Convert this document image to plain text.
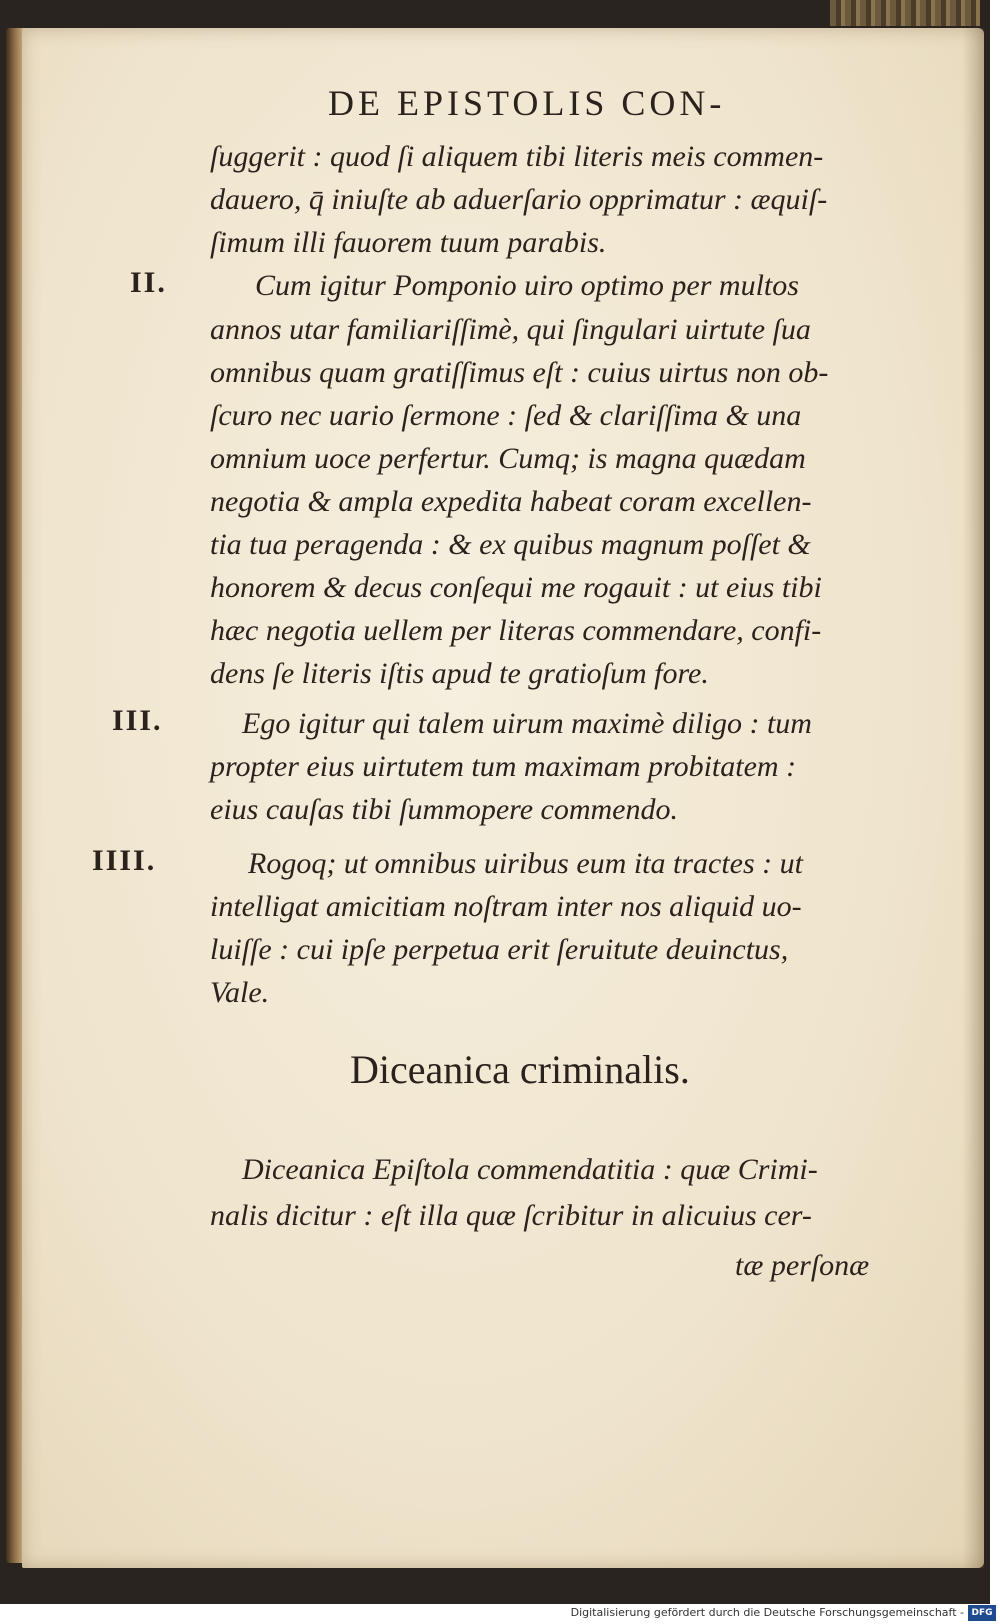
DE EPISTOLIS CON-
ſuggerit : quod ſi aliquem tibi literis meis commen-
dauero, q̄ iniuſte ab aduerſario opprimatur : æquiſ-
ſimum illi fauorem tuum parabis.
II.	Cum igitur Pomponio uiro optimo per multos
annos utar familiariſſimè, qui ſingulari uirtute ſua
omnibus quam gratiſſimus eſt : cuius uirtus non ob-
ſcuro nec uario ſermone : ſed & clariſſima & una
omnium uoce perfertur. Cumq; is magna quædam
negotia & ampla expedita habeat coram excellen-
tia tua peragenda : & ex quibus magnum poſſet &
honorem & decus conſequi me rogauit : ut eius tibi
hæc negotia uellem per literas commendare, confi-
dens ſe literis iſtis apud te gratioſum fore.
III.	Ego igitur qui talem uirum maximè diligo : tum
propter eius uirtutem tum maximam probitatem :
eius cauſas tibi ſummopere commendo.
IIII.	Rogoq; ut omnibus uiribus eum ita tractes : ut
intelligat amicitiam noſtram inter nos aliquid uo-
luiſſe : cui ipſe perpetua erit ſeruitute deuinctus,
Vale.
Diceanica criminalis.
Diceanica Epiſtola commendatitia : quæ Crimi-
nalis dicitur : eſt illa quæ ſcribitur in alicuius cer-
tæ perſonæ
Digitalisierung gefördert durch die Deutsche Forschungsgemeinschaft - DFG
